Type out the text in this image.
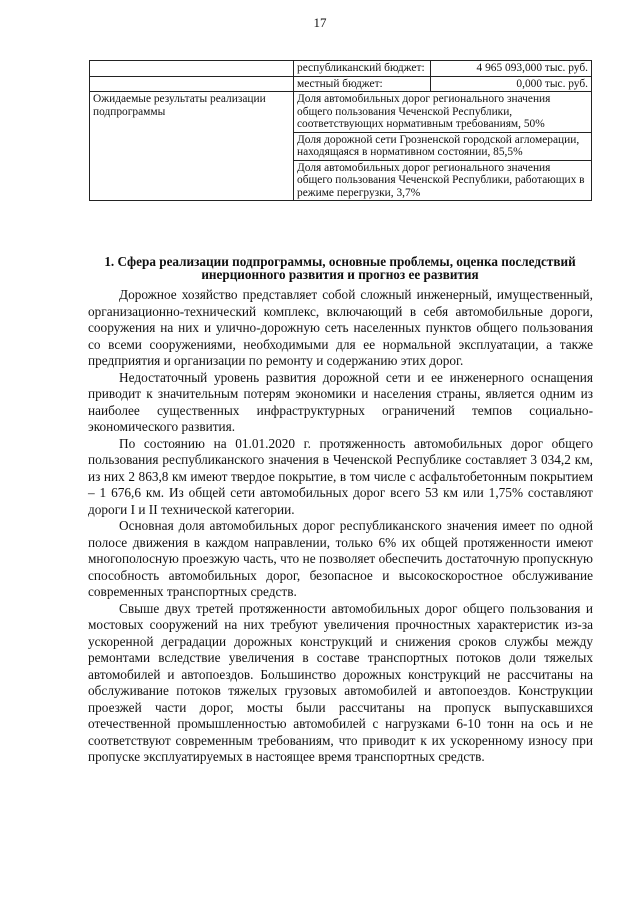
17
	республиканский бюджет:	4 965 093,000 тыс. руб.
	местный бюджет:	0,000 тыс. руб.
Ожидаемые результаты реализации подпрограммы	Доля автомобильных дорог регионального значения общего пользования Чеченской Республики, соответствующих нормативным требованиям, 50%	
	Доля дорожной сети Грозненской городской агломерации, находящаяся в нормативном состоянии, 85,5%	
	Доля автомобильных дорог регионального значения общего пользования Чеченской Республики, работающих в режиме перегрузки, 3,7%	
1. Сфера реализации подпрограммы, основные проблемы, оценка последствий инерционного развития и прогноз ее развития

Дорожное хозяйство представляет собой сложный инженерный, имущественный, организационно-технический комплекс, включающий в себя автомобильные дороги, сооружения на них и улично-дорожную сеть населенных пунктов общего пользования со всеми сооружениями, необходимыми для ее нормальной эксплуатации, а также предприятия и организации по ремонту и содержанию этих дорог.

Недостаточный уровень развития дорожной сети и ее инженерного оснащения приводит к значительным потерям экономики и населения страны, является одним из наиболее существенных инфраструктурных ограничений темпов социально-экономического развития.

По состоянию на 01.01.2020 г. протяженность автомобильных дорог общего пользования республиканского значения в Чеченской Республике составляет 3 034,2 км, из них 2 863,8 км имеют твердое покрытие, в том числе с асфальтобетонным покрытием – 1 676,6 км. Из общей сети автомобильных дорог всего 53 км или 1,75% составляют дороги I и II технической категории.

Основная доля автомобильных дорог республиканского значения имеет по одной полосе движения в каждом направлении, только 6% их общей протяженности имеют многополосную проезжую часть, что не позволяет обеспечить достаточную пропускную способность автомобильных дорог, безопасное и высокоскоростное обслуживание современных транспортных средств.

Свыше двух третей протяженности автомобильных дорог общего пользования и мостовых сооружений на них требуют увеличения прочностных характеристик из-за ускоренной деградации дорожных конструкций и снижения сроков службы между ремонтами вследствие увеличения в составе транспортных потоков доли тяжелых автомобилей и автопоездов. Большинство дорожных конструкций не рассчитаны на обслуживание потоков тяжелых грузовых автомобилей и автопоездов. Конструкции проезжей части дорог, мосты были рассчитаны на пропуск выпускавшихся отечественной промышленностью автомобилей с нагрузками 6-10 тонн на ось и не соответствуют современным требованиям, что приводит к их ускоренному износу при пропуске эксплуатируемых в настоящее время транспортных средств.
